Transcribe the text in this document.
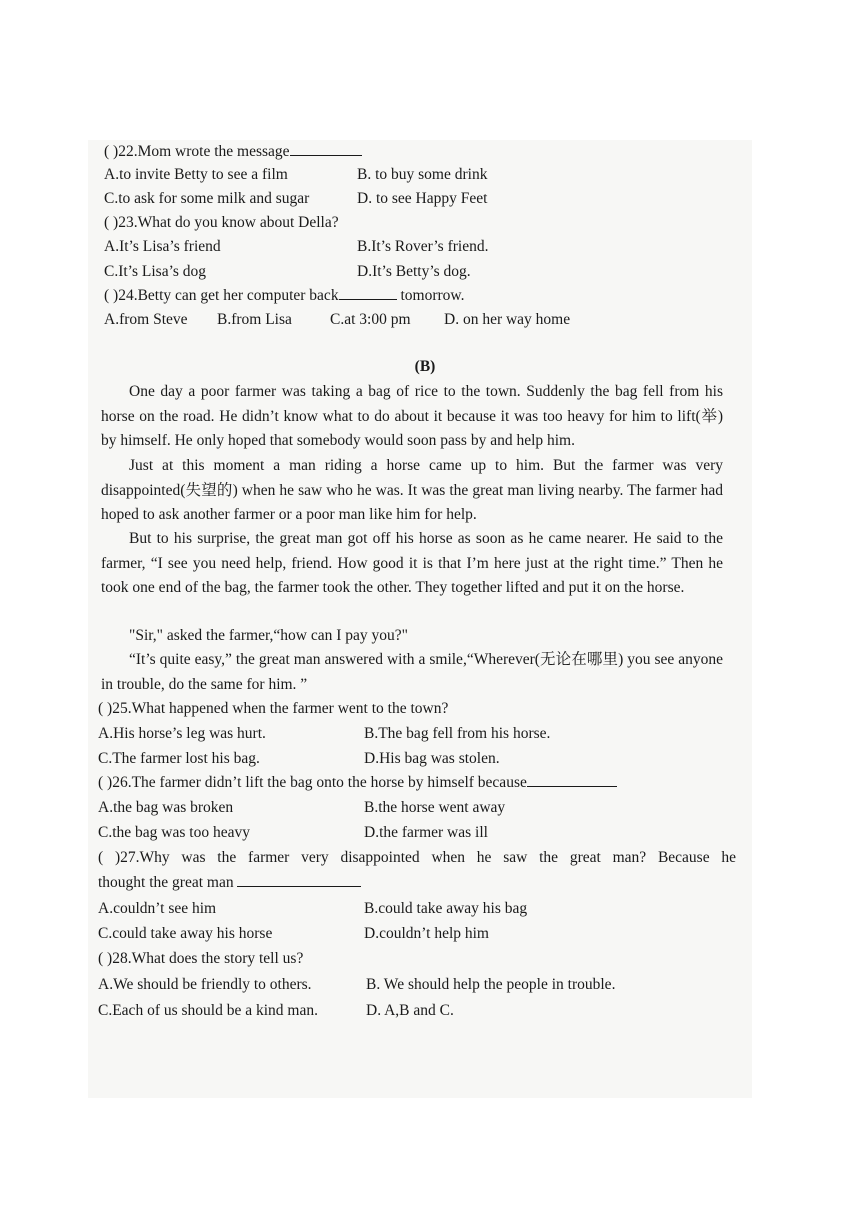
( )22.Mom wrote the message
A.to invite Betty to see a film	B. to buy some drink
C.to ask for some milk and sugar	D. to see Happy Feet
( )23.What do you know about Della?
A.It’s Lisa’s friend	B.It’s Rover’s friend.
C.It’s Lisa’s dog	D.It’s Betty’s dog.
( )24.Betty can get her computer back	tomorrow.
A.from Steve B.from Lisa C.at 3:00 pm D. on her way home
(B)
One day a poor farmer was taking a bag of rice to the town. Suddenly the bag fell from his horse on the road. He didn’t know what to do about it because it was too heavy for him to lift(举) by himself. He only hoped that somebody would soon pass by and help him.
Just at this moment a man riding a horse came up to him. But the farmer was very disappointed(失望的) when he saw who he was. It was the great man living nearby. The farmer had hoped to ask another farmer or a poor man like him for help.
But to his surprise, the great man got off his horse as soon as he came nearer. He said to the farmer, “I see you need help, friend. How good it is that I’m here just at the right time.” Then he took one end of the bag, the farmer took the other. They together lifted and put it on the horse.
"Sir," asked the farmer,“how can I pay you?"
“It’s quite easy,” the great man answered with a smile,“Wherever(无论在哪里) you see anyone in trouble, do the same for him. ”
( )25.What happened when the farmer went to the town?
A.His horse’s leg was hurt.	B.The bag fell from his horse.
C.The farmer lost his bag.	D.His bag was stolen.
( )26.The farmer didn’t lift the bag onto the horse by himself because
A.the bag was broken	B.the horse went away
C.the bag was too heavy	D.the farmer was ill
( )27.Why was the farmer very disappointed when he saw the great man? Because he
thought the great man
A.couldn’t see him	B.could take away his bag
C.could take away his horse	D.couldn’t help him
( )28.What does the story tell us?
A.We should be friendly to others.	B. We should help the people in trouble.
C.Each of us should be a kind man.	D. A,B and C.
